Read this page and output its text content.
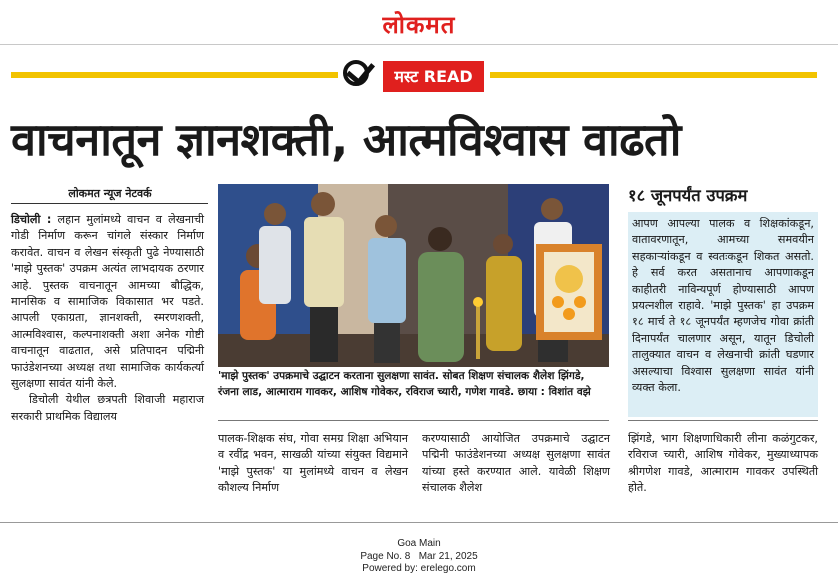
लोकमत
मस्ट READ
वाचनातून ज्ञानशक्ती, आत्मविश्वास वाढतो
लोकमत न्यूज नेटवर्क

डिचोली : लहान मुलांमध्ये वाचन व लेखनाची गोडी निर्माण करून चांगले संस्कार निर्माण करावेत. वाचन व लेखन संस्कृती पुढे नेण्यासाठी 'माझे पुस्तक' उपक्रम अत्यंत लाभदायक ठरणार आहे. पुस्तक वाचनातून आमच्या बौद्धिक, मानसिक व सामाजिक विकासात भर पडते. आपली एकाग्रता, ज्ञानशक्ती, स्मरणशक्ती, आत्मविश्वास, कल्पनाशक्ती अशा अनेक गोष्टी वाचनातून वाढतात, असे प्रतिपादन पद्मिनी फाउंडेशनच्या अध्यक्ष तथा सामाजिक कार्यकर्त्या सुलक्षणा सावंत यांनी केले.

डिचोली येथील छत्रपती शिवाजी महाराज सरकारी प्राथमिक विद्यालय

'माझे पुस्तक' उपक्रमाचे उद्घाटन करताना सुलक्षणा सावंत. सोबत शिक्षण संचालक शैलेश झिंगडे, रंजना लाड, आत्माराम गावकर, आशिष गोवेकर, रविराज च्यारी, गणेश गावडे. छाया : विशांत वझे
पालक-शिक्षक संघ, गोवा समग्र शिक्षा अभियान व रवींद्र भवन, साखळी यांच्या संयुक्त विद्यमाने 'माझे पुस्तक' या मुलांमध्ये वाचन व लेखन कौशल्य निर्माण
करण्यासाठी आयोजित उपक्रमाचे उद्घाटन पद्मिनी फाउंडेशनच्या अध्यक्ष सुलक्षणा सावंत यांच्या हस्ते करण्यात आले. यावेळी शिक्षण संचालक शैलेश
१८ जूनपर्यंत उपक्रम
आपण आपल्या पालक व शिक्षकांकडून, वातावरणातून, आमच्या समवयीन सहकाऱ्यांकडून व स्वतःकडून शिकत असतो. हे सर्व करत असतानाच आपणाकडून काहीतरी नाविन्यपूर्ण होण्यासाठी आपण प्रयत्नशील राहावे. 'माझे पुस्तक' हा उपक्रम १८ मार्च ते १८ जूनपर्यंत म्हणजेच गोवा क्रांती दिनापर्यंत चालणार असून, यातून डिचोली तालुक्यात वाचन व लेखनाची क्रांती घडणार असल्याचा विश्वास सुलक्षणा सावंत यांनी व्यक्त केला.
झिंगडे, भाग शिक्षणाधिकारी लीना कळंगुटकर, रविराज च्यारी, आशिष गोवेकर, मुख्याध्यापक श्रीगणेश गावडे, आत्माराम गावकर उपस्थिती होते.
Goa Main
Page No. 8 Mar 21, 2025
Powered by: erelego.com
